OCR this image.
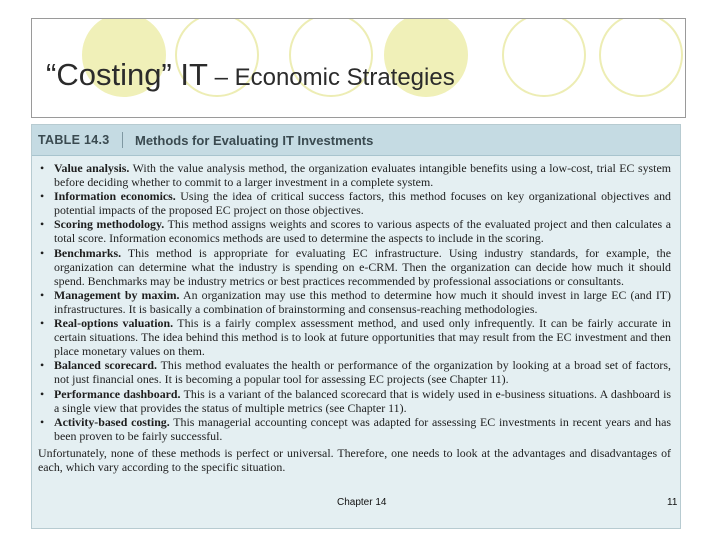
“Costing” IT – Economic Strategies
TABLE 14.3	Methods for Evaluating IT Investments
• Value analysis. With the value analysis method, the organization evaluates intangible benefits using a low-cost, trial EC system before deciding whether to commit to a larger investment in a complete system.
• Information economics. Using the idea of critical success factors, this method focuses on key organizational objectives and potential impacts of the proposed EC project on those objectives.
• Scoring methodology. This method assigns weights and scores to various aspects of the evaluated project and then calculates a total score. Information economics methods are used to determine the aspects to include in the scoring.
• Benchmarks. This method is appropriate for evaluating EC infrastructure. Using industry standards, for example, the organization can determine what the industry is spending on e-CRM. Then the organization can decide how much it should spend. Benchmarks may be industry metrics or best practices recommended by professional associations or consultants.
• Management by maxim. An organization may use this method to determine how much it should invest in large EC (and IT) infrastructures. It is basically a combination of brainstorming and consensus-reaching methodologies.
• Real-options valuation. This is a fairly complex assessment method, and used only infrequently. It can be fairly accurate in certain situations. The idea behind this method is to look at future opportunities that may result from the EC investment and then place monetary values on them.
• Balanced scorecard. This method evaluates the health or performance of the organization by looking at a broad set of factors, not just financial ones. It is becoming a popular tool for assessing EC projects (see Chapter 11).
• Performance dashboard. This is a variant of the balanced scorecard that is widely used in e-business situations. A dashboard is a single view that provides the status of multiple metrics (see Chapter 11).
• Activity-based costing. This managerial accounting concept was adapted for assessing EC investments in recent years and has been proven to be fairly successful.

Unfortunately, none of these methods is perfect or universal. Therefore, one needs to look at the advantages and disadvantages of each, which vary according to the specific situation.

Chapter 14	11
